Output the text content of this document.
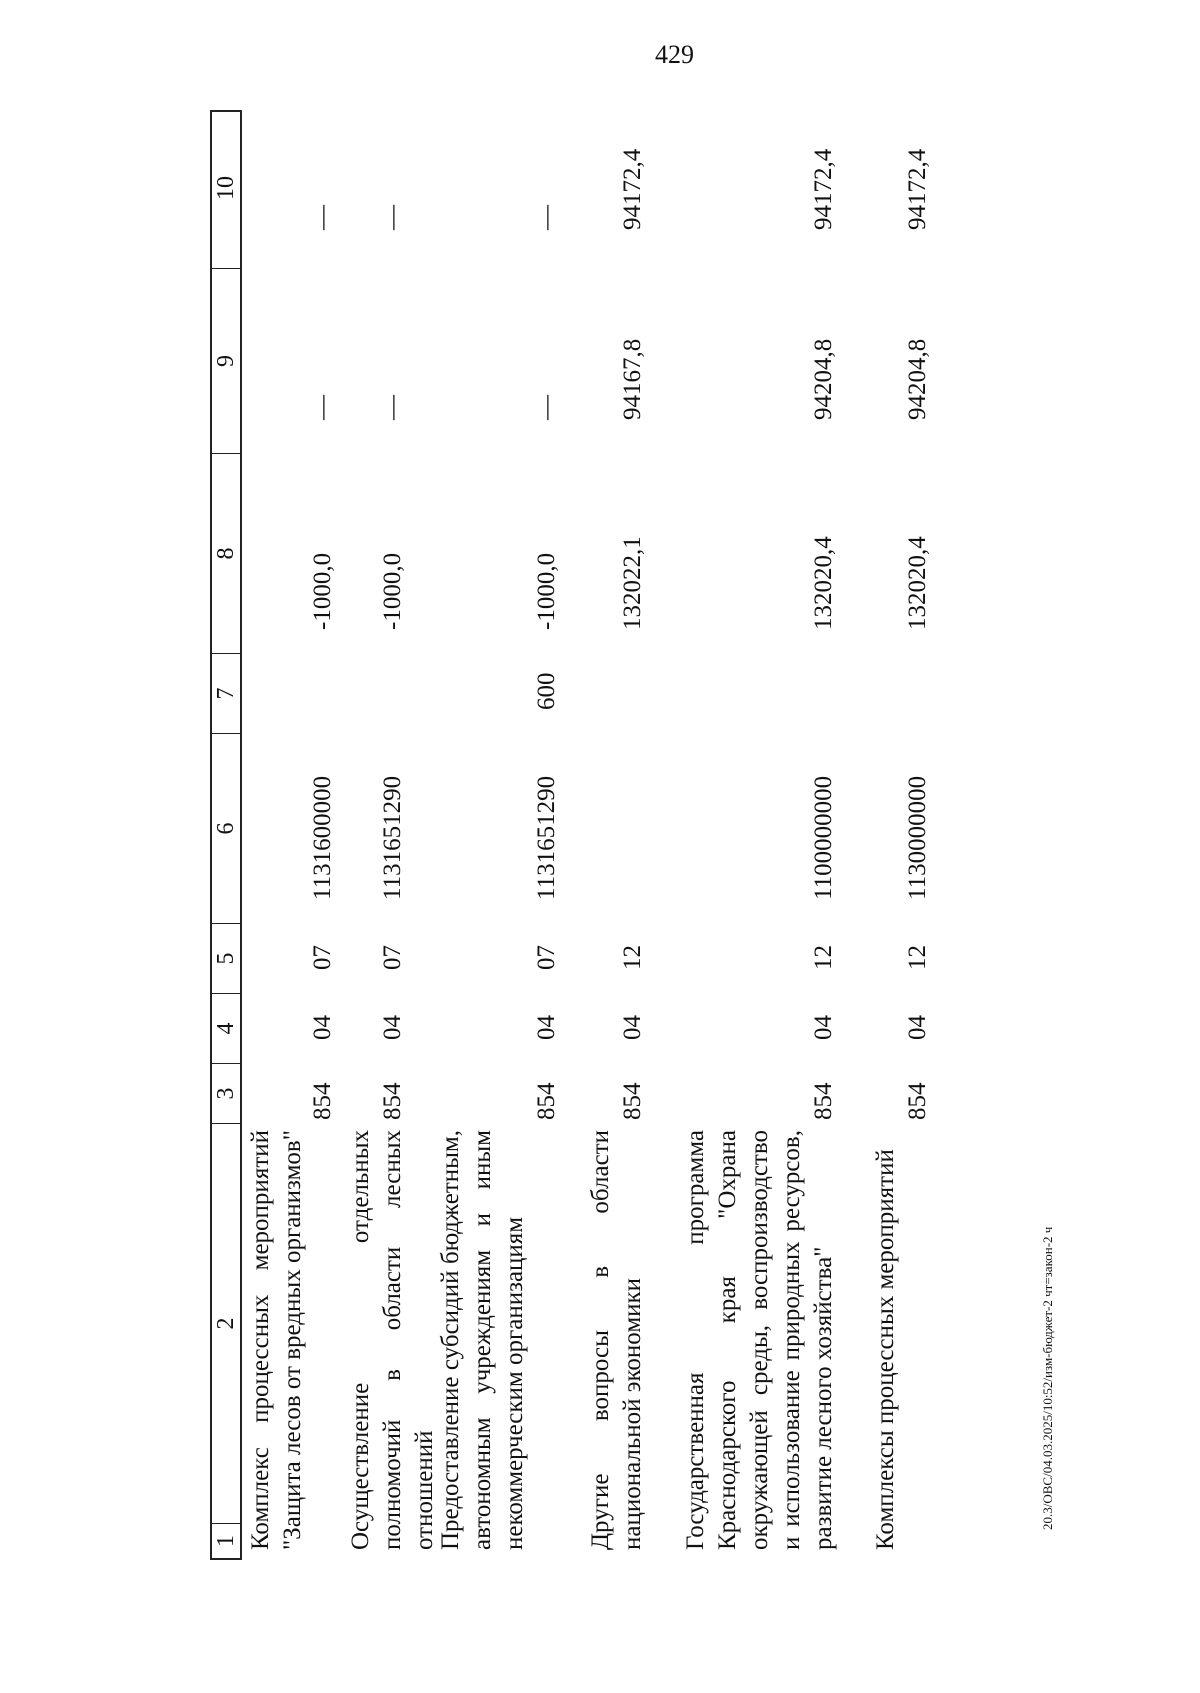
429
20.3/ОВС/04.03.2025/10:52/изм-бюджет-2 чт=закон-2 ч
1
2
3
4
5
6
7
8
9
10
Комплекс процессных мероприятий "Защита лесов от вредных организмов"
854
04
07
1131600000
-1000,0
—
—
Осуществление отдельных полномочий в области лесных отношений
854
04
07
1131651290
-1000,0
—
—
Предоставление субсидий бюджетным, автономным учреждениям и иным некоммерческим организациям
854
04
07
1131651290
600
-1000,0
—
—
Другие вопросы в области национальной экономики
854
04
12
132022,1
94167,8
94172,4
Государственная программа Краснодарского края "Охрана окружающей среды, воспроизводство и использование природных ресурсов, развитие лесного хозяйства"
854
04
12
1100000000
132020,4
94204,8
94172,4
Комплексы процессных мероприятий
854
04
12
1130000000
132020,4
94204,8
94172,4
